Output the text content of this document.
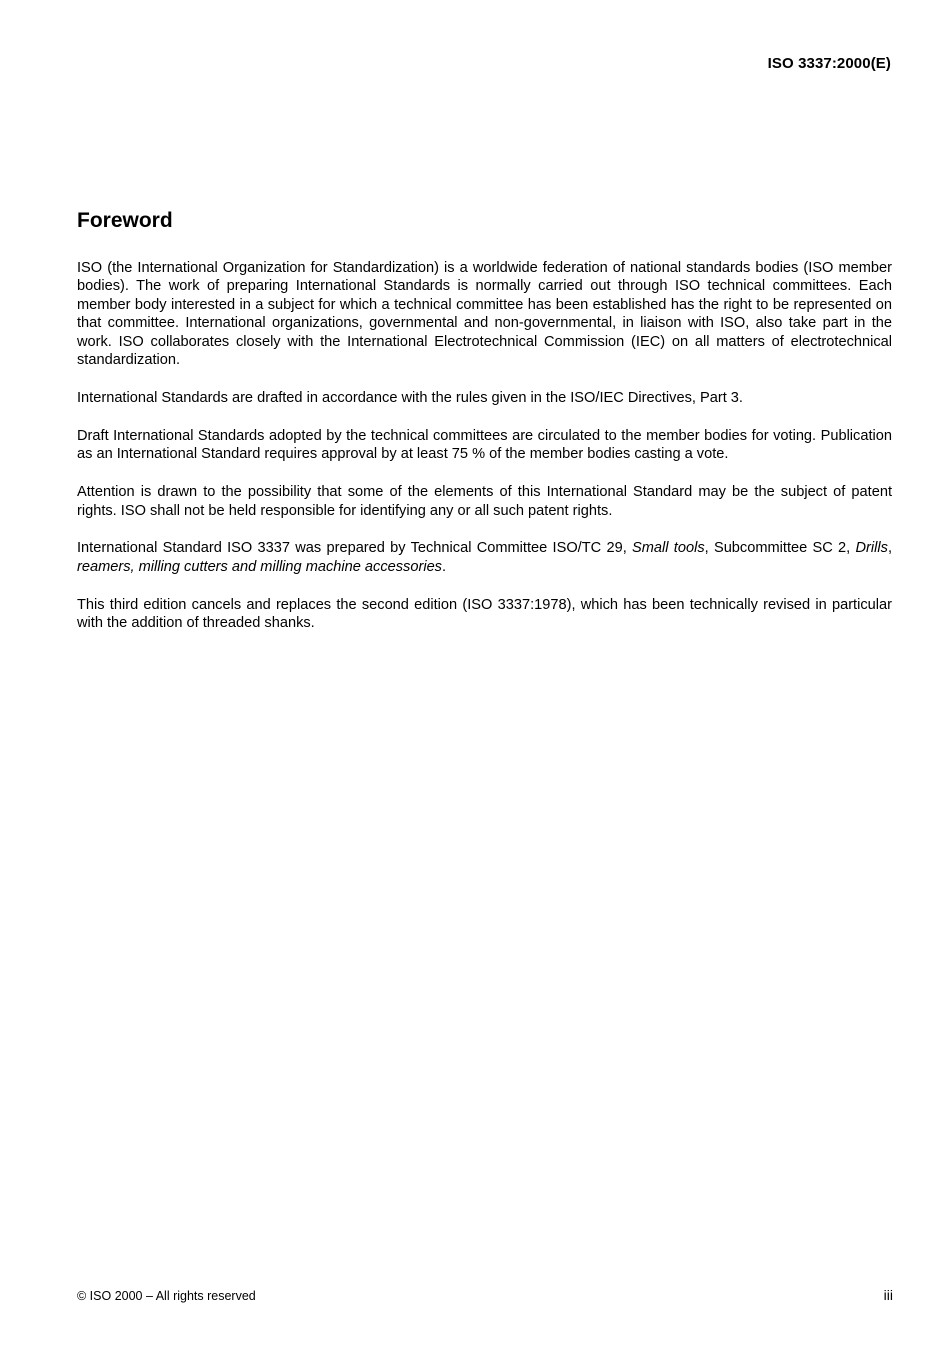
ISO 3337:2000(E)
Foreword

ISO (the International Organization for Standardization) is a worldwide federation of national standards bodies (ISO member bodies). The work of preparing International Standards is normally carried out through ISO technical committees. Each member body interested in a subject for which a technical committee has been established has the right to be represented on that committee. International organizations, governmental and non-governmental, in liaison with ISO, also take part in the work. ISO collaborates closely with the International Electrotechnical Commission (IEC) on all matters of electrotechnical standardization.

International Standards are drafted in accordance with the rules given in the ISO/IEC Directives, Part 3.

Draft International Standards adopted by the technical committees are circulated to the member bodies for voting. Publication as an International Standard requires approval by at least 75 % of the member bodies casting a vote.

Attention is drawn to the possibility that some of the elements of this International Standard may be the subject of patent rights. ISO shall not be held responsible for identifying any or all such patent rights.

International Standard ISO 3337 was prepared by Technical Committee ISO/TC 29, Small tools, Subcommittee SC 2, Drills, reamers, milling cutters and milling machine accessories.

This third edition cancels and replaces the second edition (ISO 3337:1978), which has been technically revised in particular with the addition of threaded shanks.

© ISO 2000 – All rights reserved	iii
